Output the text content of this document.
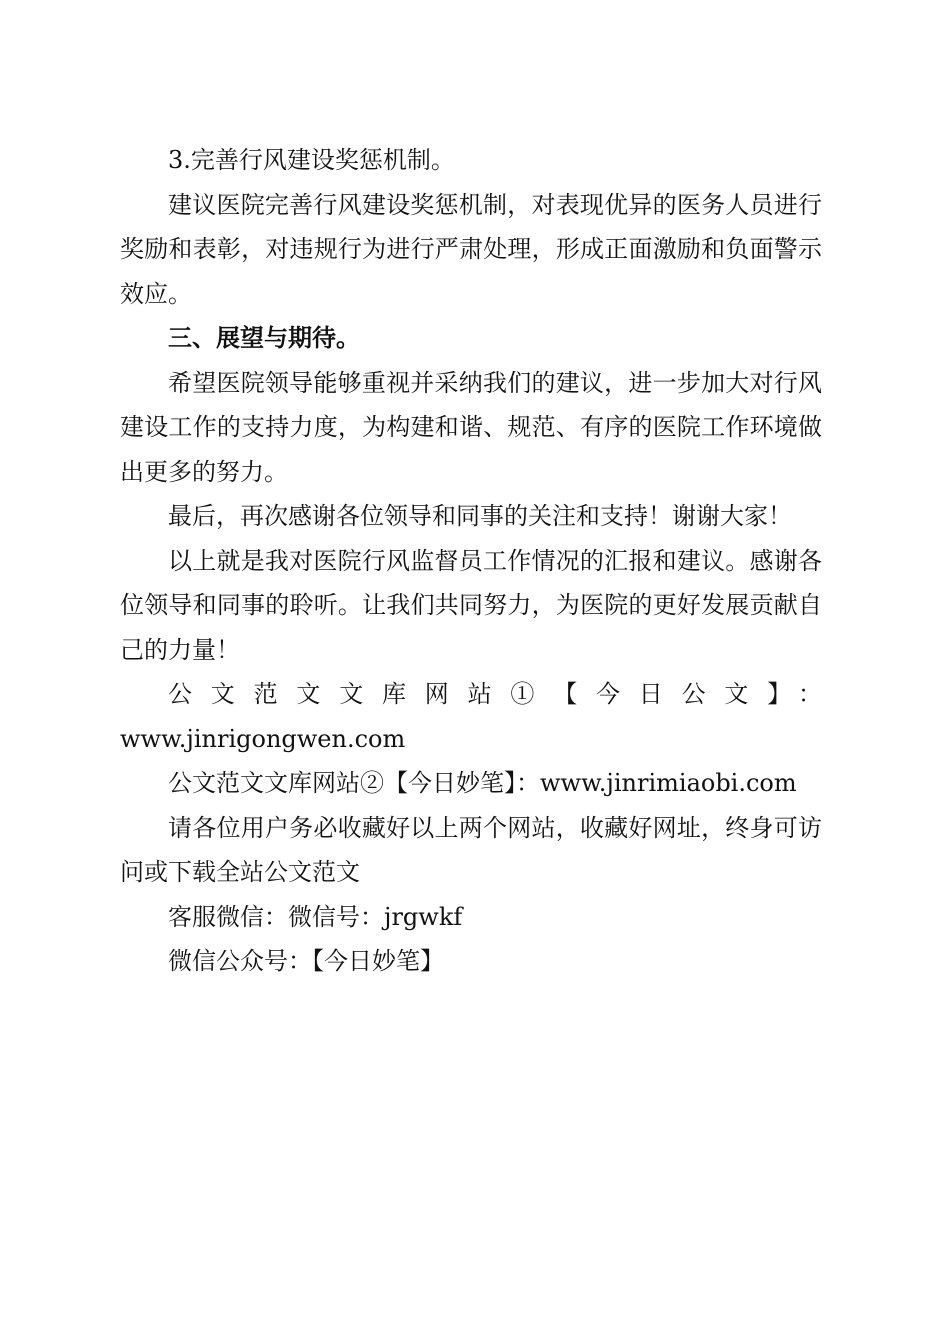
3.完善行风建设奖惩机制。

建议医院完善行风建设奖惩机制，对表现优异的医务人员进行奖励和表彰，对违规行为进行严肃处理，形成正面激励和负面警示效应。

三、展望与期待。

希望医院领导能够重视并采纳我们的建议，进一步加大对行风建设工作的支持力度，为构建和谐、规范、有序的医院工作环境做出更多的努力。

最后，再次感谢各位领导和同事的关注和支持！谢谢大家！

以上就是我对医院行风监督员工作情况的汇报和建议。感谢各位领导和同事的聆听。让我们共同努力，为医院的更好发展贡献自己的力量！

公文范文文库网站①【今日公文】：

www.jinrigongwen.com

公文范文文库网站②【今日妙笔】：www.jinrimiaobi.com

请各位用户务必收藏好以上两个网站，收藏好网址，终身可访问或下载全站公文范文

客服微信：微信号：jrgwkf

微信公众号：【今日妙笔】
